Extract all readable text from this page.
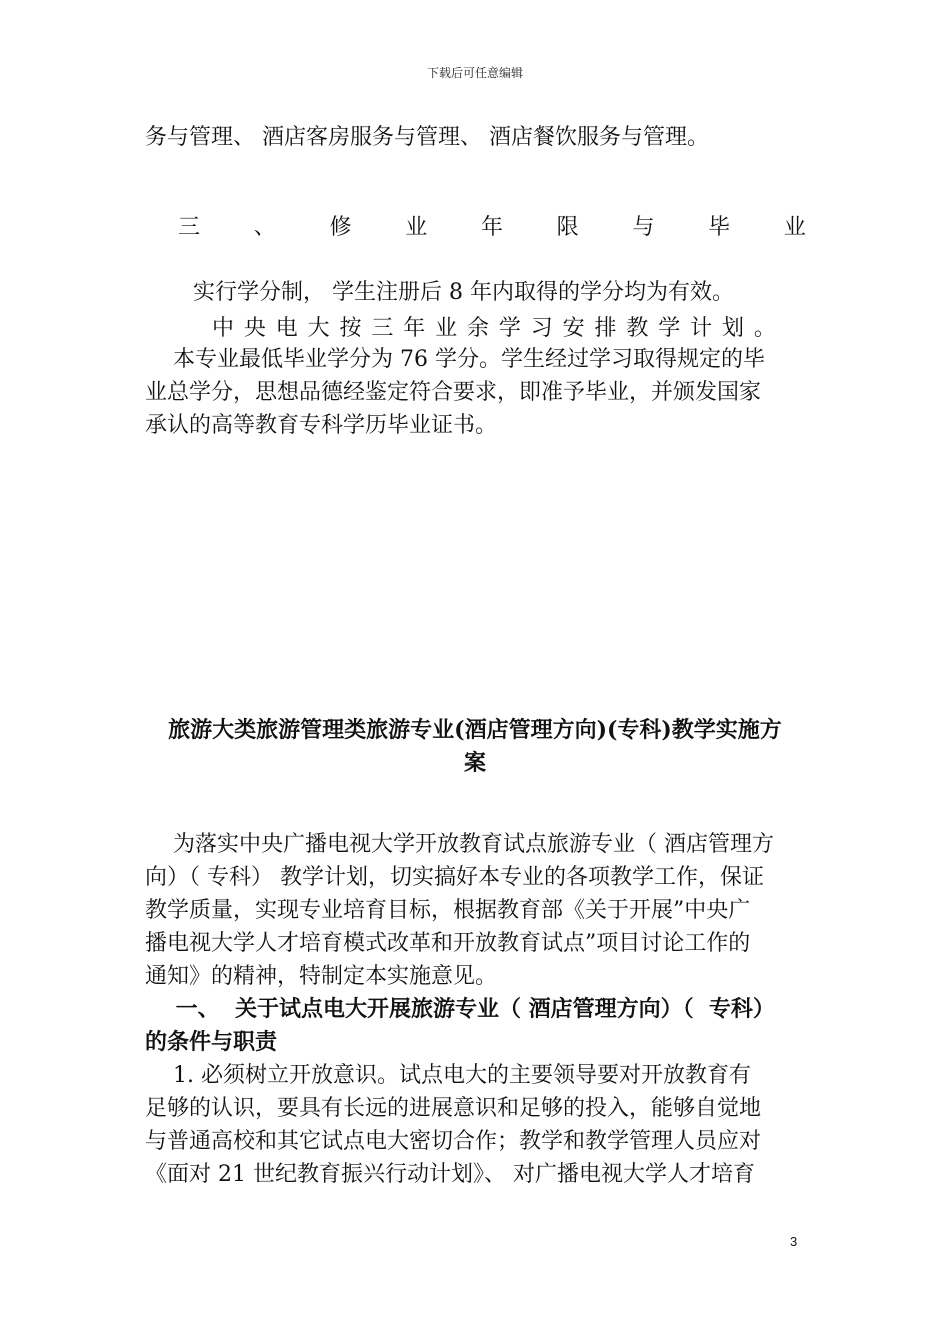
下载后可任意编辑
务与管理、 酒店客房服务与管理、 酒店餐饮服务与管理。
三 、 修 业 年 限 与 毕 业
实行学分制， 学生注册后 8 年内取得的学分均为有效。
中 央 电 大 按 三 年 业 余 学 习 安 排 教 学 计 划 。
本专业最低毕业学分为 76 学分。学生经过学习取得规定的毕
业总学分，思想品德经鉴定符合要求，即准予毕业，并颁发国家
承认的高等教育专科学历毕业证书。
旅游大类旅游管理类旅游专业(酒店管理方向)(专科)教学实施方
案
为落实中央广播电视大学开放教育试点旅游专业（ 酒店管理方
向）（ 专科） 教学计划，切实搞好本专业的各项教学工作，保证
教学质量，实现专业培育目标，根据教育部《关于开展”中央广
播电视大学人才培育模式改革和开放教育试点”项目讨论工作的
通知》的精神，特制定本实施意见。
一、  关于试点电大开展旅游专业（ 酒店管理方向）（  专科）
的条件与职责
1. 必须树立开放意识。试点电大的主要领导要对开放教育有
足够的认识，要具有长远的进展意识和足够的投入，能够自觉地
与普通高校和其它试点电大密切合作；教学和教学管理人员应对
《面对 21 世纪教育振兴行动计划》、 对广播电视大学人才培育
3
